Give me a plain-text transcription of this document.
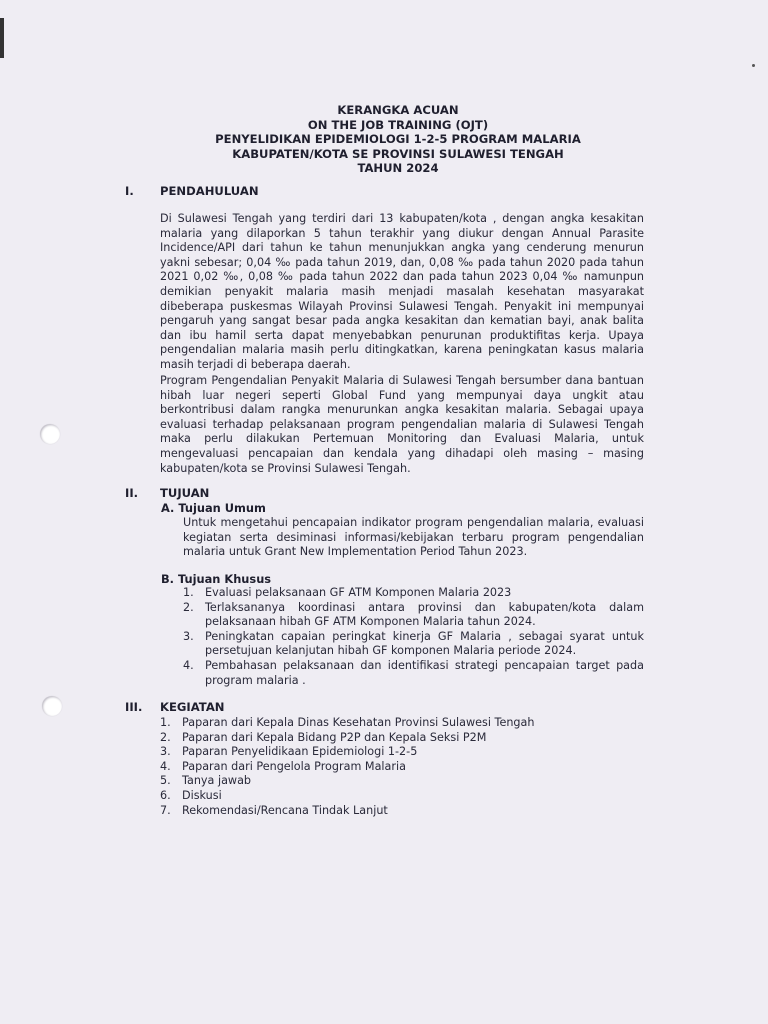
KERANGKA ACUAN
ON THE JOB TRAINING (OJT)
PENYELIDIKAN EPIDEMIOLOGI 1-2-5 PROGRAM MALARIA
KABUPATEN/KOTA SE PROVINSI SULAWESI TENGAH
TAHUN 2024
I. PENDAHULUAN
Di Sulawesi Tengah yang terdiri dari 13 kabupaten/kota , dengan angka kesakitan malaria yang dilaporkan 5 tahun terakhir yang diukur dengan Annual Parasite Incidence/API dari tahun ke tahun menunjukkan angka yang cenderung menurun yakni sebesar; 0,04 ‰ pada tahun 2019, dan, 0,08 ‰ pada tahun 2020 pada tahun 2021 0,02 ‰, 0,08 ‰ pada tahun 2022 dan pada tahun 2023 0,04 ‰ namunpun demikian penyakit malaria masih menjadi masalah kesehatan masyarakat dibeberapa puskesmas Wilayah Provinsi Sulawesi Tengah. Penyakit ini mempunyai pengaruh yang sangat besar pada angka kesakitan dan kematian bayi, anak balita dan ibu hamil serta dapat menyebabkan penurunan produktifitas kerja. Upaya pengendalian malaria masih perlu ditingkatkan, karena peningkatan kasus malaria masih terjadi di beberapa daerah.
Program Pengendalian Penyakit Malaria di Sulawesi Tengah bersumber dana bantuan hibah luar negeri seperti Global Fund yang mempunyai daya ungkit atau berkontribusi dalam rangka menurunkan angka kesakitan malaria. Sebagai upaya evaluasi terhadap pelaksanaan program pengendalian malaria di Sulawesi Tengah maka perlu dilakukan Pertemuan Monitoring dan Evaluasi Malaria, untuk mengevaluasi pencapaian dan kendala yang dihadapi oleh masing – masing kabupaten/kota se Provinsi Sulawesi Tengah.
II. TUJUAN
A. Tujuan Umum
Untuk mengetahui pencapaian indikator program pengendalian malaria, evaluasi kegiatan serta desiminasi informasi/kebijakan terbaru program pengendalian malaria untuk Grant New Implementation Period Tahun 2023.
B. Tujuan Khusus
1. Evaluasi pelaksanaan GF ATM Komponen Malaria 2023
2. Terlaksananya koordinasi antara provinsi dan kabupaten/kota dalam pelaksanaan hibah GF ATM Komponen Malaria tahun 2024.
3. Peningkatan capaian peringkat kinerja GF Malaria , sebagai syarat untuk persetujuan kelanjutan hibah GF komponen Malaria periode 2024.
4. Pembahasan pelaksanaan dan identifikasi strategi pencapaian target pada program malaria .
III. KEGIATAN
1. Paparan dari Kepala Dinas Kesehatan Provinsi Sulawesi Tengah
2. Paparan dari Kepala Bidang P2P dan Kepala Seksi P2M
3. Paparan Penyelidikaan Epidemiologi 1-2-5
4. Paparan dari Pengelola Program Malaria
5. Tanya jawab
6. Diskusi
7. Rekomendasi/Rencana Tindak Lanjut
